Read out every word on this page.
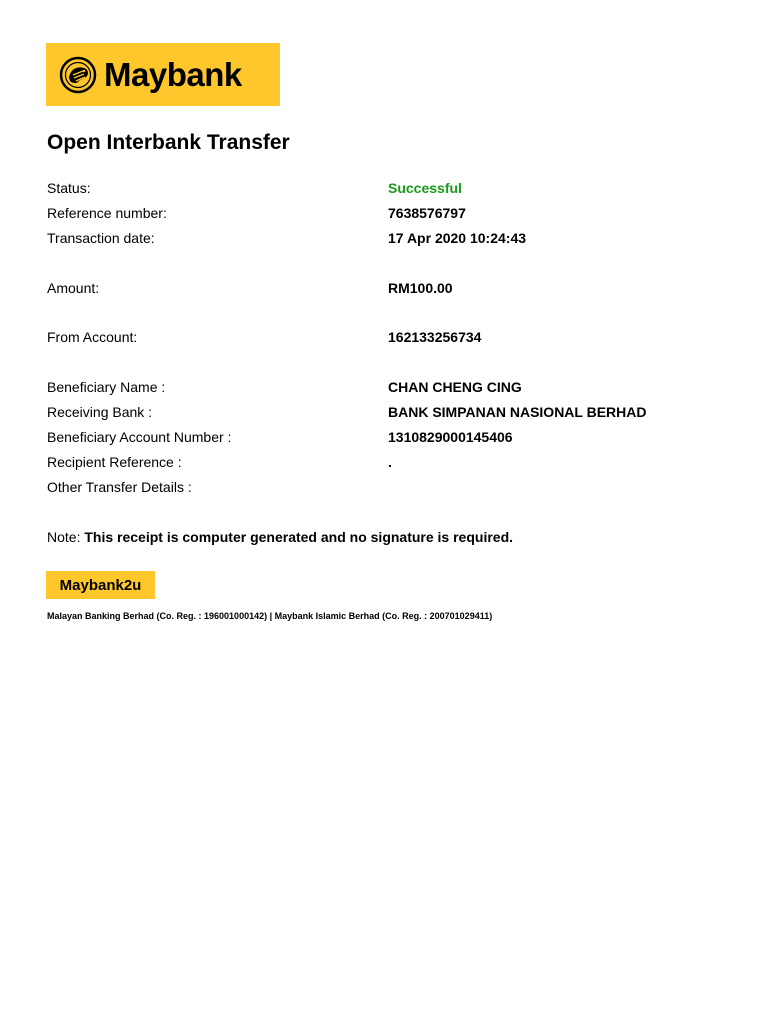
Maybank
Open Interbank Transfer
Status:	Successful
Reference number:	7638576797
Transaction date:	17 Apr 2020 10:24:43
Amount:	RM100.00
From Account:	162133256734
Beneficiary Name :	CHAN CHENG CING
Receiving Bank :	BANK SIMPANAN NASIONAL BERHAD
Beneficiary Account Number :	1310829000145406
Recipient Reference :	.
Other Transfer Details :
Note: This receipt is computer generated and no signature is required.
Maybank2u
Malayan Banking Berhad (Co. Reg. : 196001000142) | Maybank Islamic Berhad (Co. Reg. : 200701029411)
